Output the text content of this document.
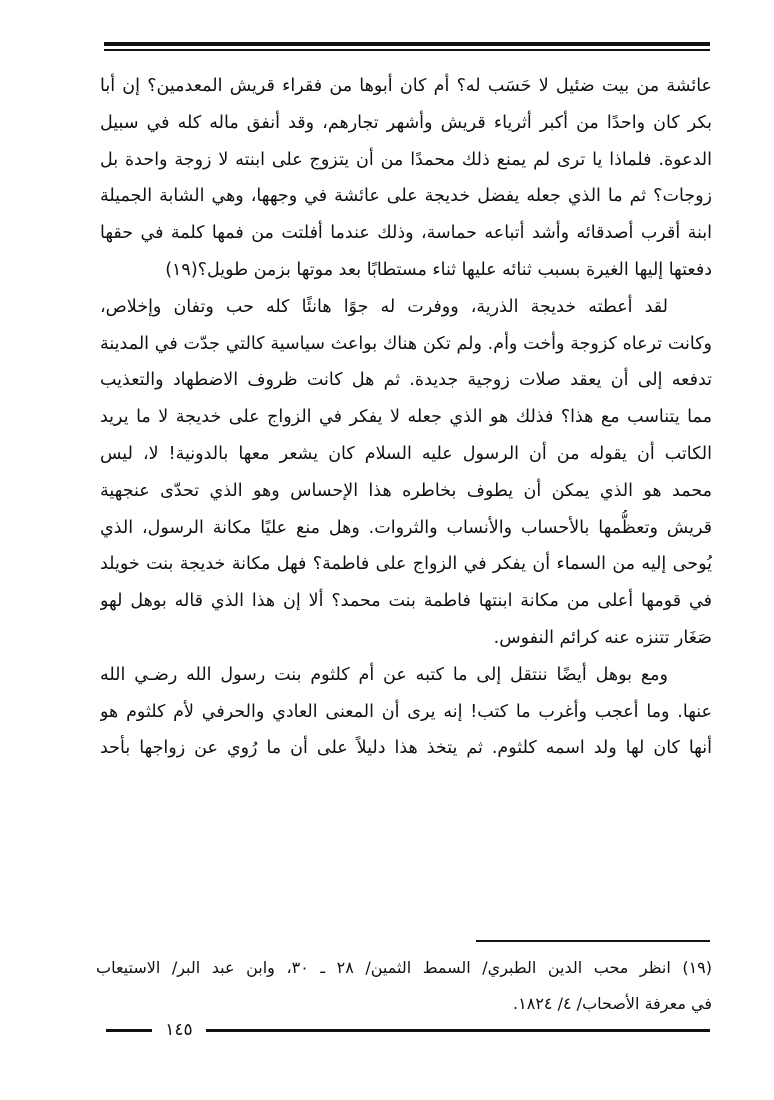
عائشة من بيت ضئيل لا حَسَب له؟ أم كان أبوها من فقراء قريش المعدمين؟ إن أبا
بكر كان واحدًا من أكبر أثرياء قريش وأشهر تجارهم، وقد أنفق ماله كله في سبيل
الدعوة. فلماذا يا ترى لم يمنع ذلك محمدًا من أن يتزوج على ابنته لا زوجة واحدة بل
زوجات؟ ثم ما الذي جعله يفضل خديجة على عائشة في وجهها، وهي الشابة الجميلة
ابنة أقرب أصدقائه وأشد أتباعه حماسة، وذلك عندما أفلتت من فمها كلمة في حقها
دفعتها إليها الغيرة بسبب ثنائه عليها ثناء مستطابًا بعد موتها بزمن طويل؟(١٩)
لقد أعطته خديجة الذرية، ووفرت له جوًا هانئًا كله حب وتفان وإخلاص،
وكانت ترعاه كزوجة وأخت وأم. ولم تكن هناك بواعث سياسية كالتي جدّت في المدينة
تدفعه إلى أن يعقد صلات زوجية جديدة. ثم هل كانت ظروف الاضطهاد والتعذيب
مما يتناسب مع هذا؟ فذلك هو الذي جعله لا يفكر في الزواج على خديجة لا ما يريد
الكاتب أن يقوله من أن الرسول عليه السلام كان يشعر معها بالدونية! لا، ليس
محمد هو الذي يمكن أن يطوف بخاطره هذا الإحساس وهو الذي تحدّى عنجهية
قريش وتعظُّمها بالأحساب والأنساب والثروات. وهل منع عليًا مكانة الرسول، الذي
يُوحى إليه من السماء أن يفكر في الزواج على فاطمة؟ فهل مكانة خديجة بنت خويلد
في قومها أعلى من مكانة ابنتها فاطمة بنت محمد؟ ألا إن هذا الذي قاله بوهل لهو
صَغَار تتنزه عنه كرائم النفوس.
ومع بوهل أيضًا ننتقل إلى ما كتبه عن أم كلثوم بنت رسول الله رضـي الله
عنها. وما أعجب وأغرب ما كتب! إنه يرى أن المعنى العادي والحرفي لأم كلثوم هو
أنها كان لها ولد اسمه كلثوم. ثم يتخذ هذا دليلاً على أن ما رُوي عن زواجها بأحد
(١٩) انظر محب الدين الطبري/ السمط الثمين/ ٢٨ ـ ٣٠، وابن عبد البر/ الاستيعاب
في معرفة الأصحاب/ ٤/ ١٨٢٤.
١٤٥
